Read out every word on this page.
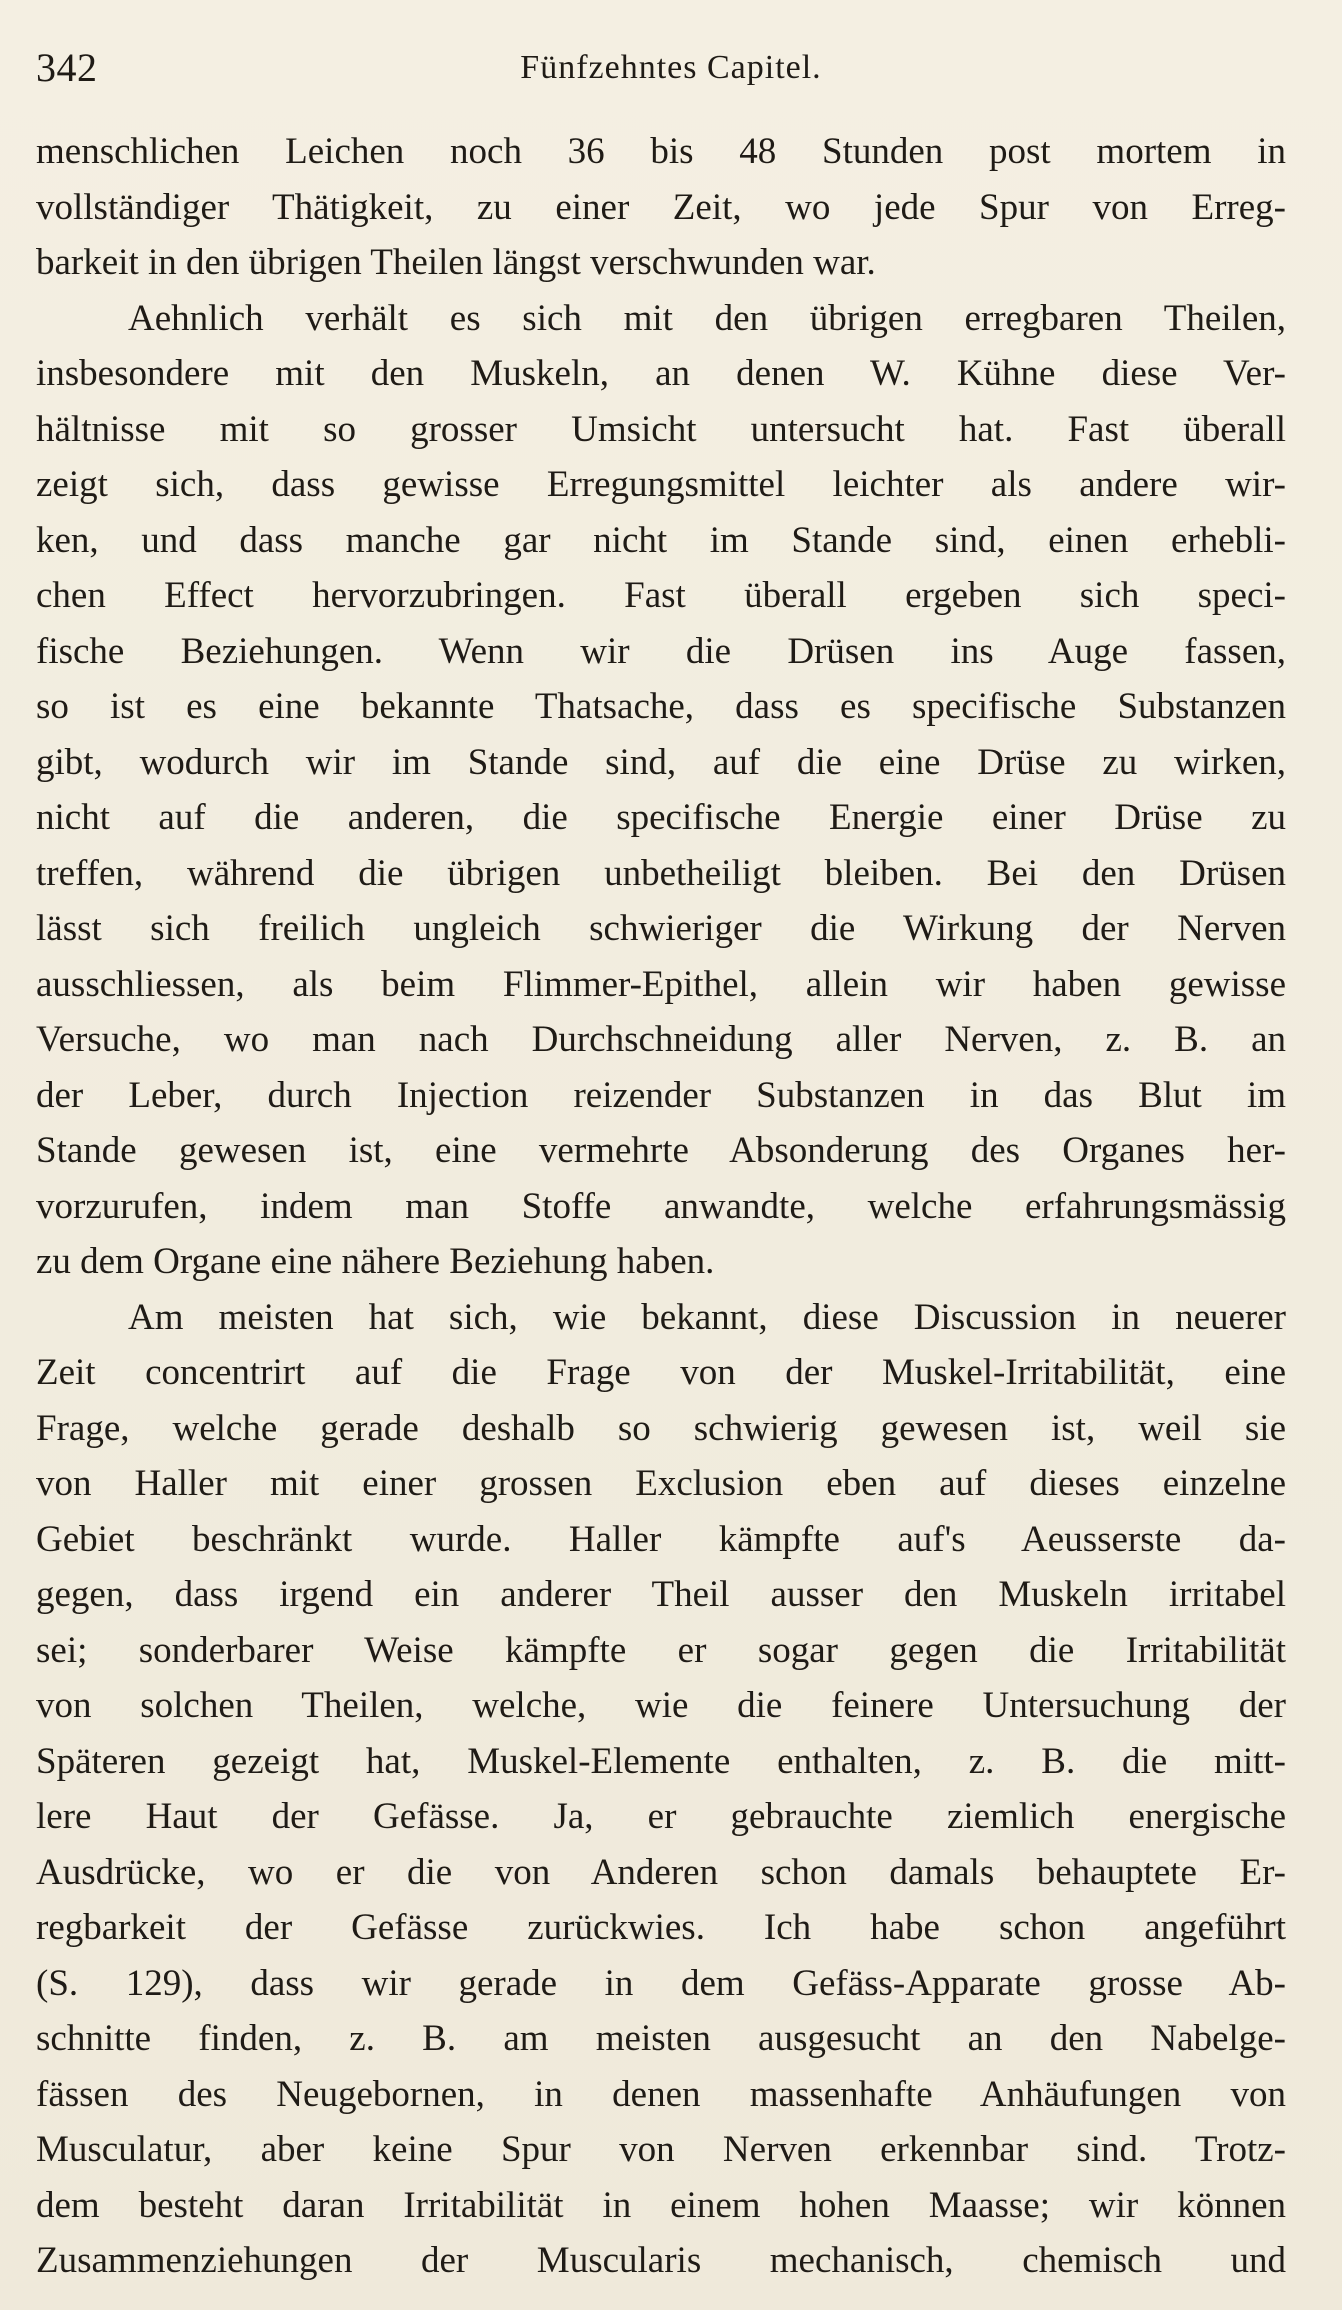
342	Fünfzehntes Capitel.
menschlichen Leichen noch 36 bis 48 Stunden post mortem in
vollständiger Thätigkeit, zu einer Zeit, wo jede Spur von Erreg-
barkeit in den übrigen Theilen längst verschwunden war.
Aehnlich verhält es sich mit den übrigen erregbaren Theilen,
insbesondere mit den Muskeln, an denen W. Kühne diese Ver-
hältnisse mit so grosser Umsicht untersucht hat. Fast überall
zeigt sich, dass gewisse Erregungsmittel leichter als andere wir-
ken, und dass manche gar nicht im Stande sind, einen erhebli-
chen Effect hervorzubringen. Fast überall ergeben sich speci-
fische Beziehungen. Wenn wir die Drüsen ins Auge fassen,
so ist es eine bekannte Thatsache, dass es specifische Substanzen
gibt, wodurch wir im Stande sind, auf die eine Drüse zu wirken,
nicht auf die anderen, die specifische Energie einer Drüse zu
treffen, während die übrigen unbetheiligt bleiben. Bei den Drüsen
lässt sich freilich ungleich schwieriger die Wirkung der Nerven
ausschliessen, als beim Flimmer-Epithel, allein wir haben gewisse
Versuche, wo man nach Durchschneidung aller Nerven, z. B. an
der Leber, durch Injection reizender Substanzen in das Blut im
Stande gewesen ist, eine vermehrte Absonderung des Organes her-
vorzurufen, indem man Stoffe anwandte, welche erfahrungsmässig
zu dem Organe eine nähere Beziehung haben.
Am meisten hat sich, wie bekannt, diese Discussion in neuerer
Zeit concentrirt auf die Frage von der Muskel-Irritabilität, eine
Frage, welche gerade deshalb so schwierig gewesen ist, weil sie
von Haller mit einer grossen Exclusion eben auf dieses einzelne
Gebiet beschränkt wurde. Haller kämpfte auf's Aeusserste da-
gegen, dass irgend ein anderer Theil ausser den Muskeln irritabel
sei; sonderbarer Weise kämpfte er sogar gegen die Irritabilität
von solchen Theilen, welche, wie die feinere Untersuchung der
Späteren gezeigt hat, Muskel-Elemente enthalten, z. B. die mitt-
lere Haut der Gefässe. Ja, er gebrauchte ziemlich energische
Ausdrücke, wo er die von Anderen schon damals behauptete Er-
regbarkeit der Gefässe zurückwies. Ich habe schon angeführt
(S. 129), dass wir gerade in dem Gefäss-Apparate grosse Ab-
schnitte finden, z. B. am meisten ausgesucht an den Nabelge-
fässen des Neugebornen, in denen massenhafte Anhäufungen von
Musculatur, aber keine Spur von Nerven erkennbar sind. Trotz-
dem besteht daran Irritabilität in einem hohen Maasse; wir können
Zusammenziehungen der Muscularis mechanisch, chemisch und
